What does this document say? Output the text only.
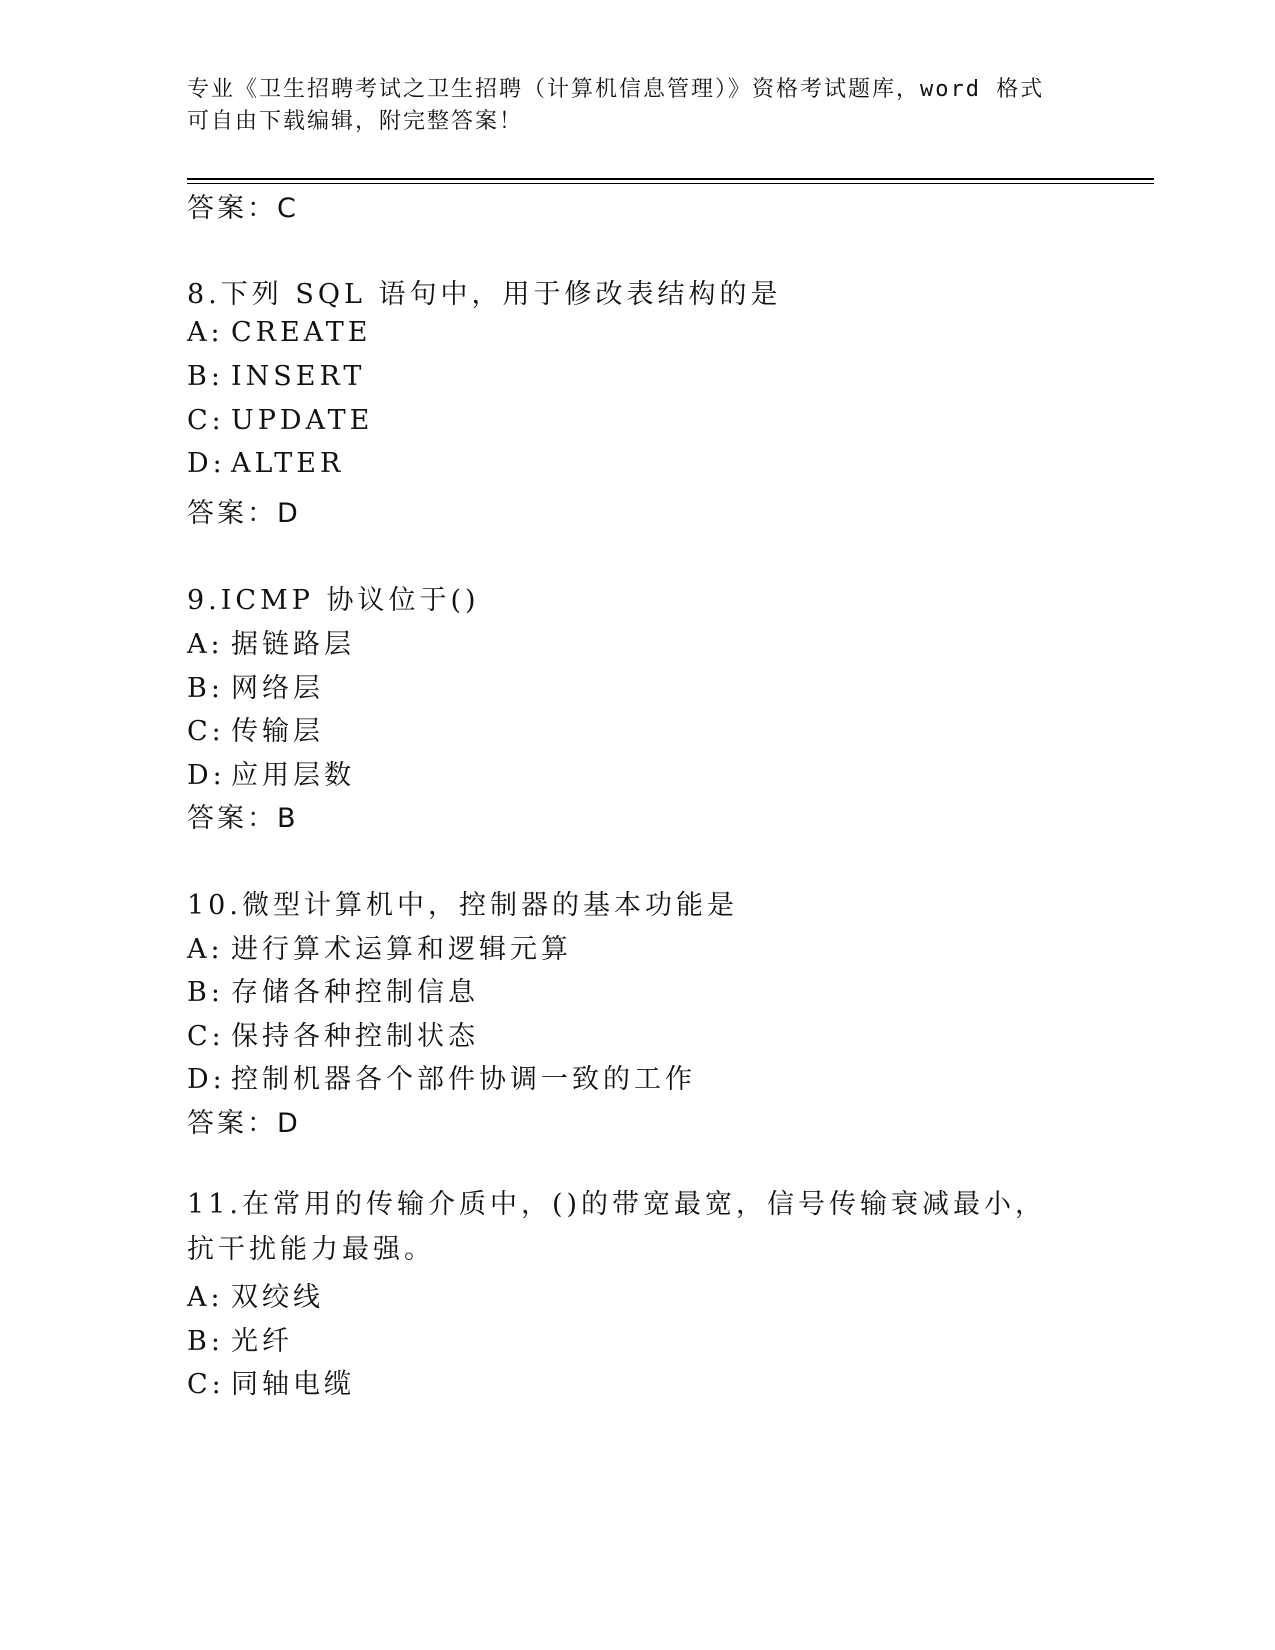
专业《卫生招聘考试之卫生招聘（计算机信息管理）》资格考试题库，word 格式
可自由下载编辑，附完整答案！
答案：C
8.下列 SQL 语句中，用于修改表结构的是
A: CREATE
B: INSERT
C: UPDATE
D: ALTER
答案：D
9.ICMP 协议位于()
A: 据链路层
B: 网络层
C: 传输层
D: 应用层数
答案：B
10.微型计算机中，控制器的基本功能是
A: 进行算术运算和逻辑元算
B: 存储各种控制信息
C: 保持各种控制状态
D: 控制机器各个部件协调一致的工作
答案：D
11.在常用的传输介质中，()的带宽最宽，信号传输衰减最小，抗干扰能力最强。
A: 双绞线
B: 光纤
C: 同轴电缆
